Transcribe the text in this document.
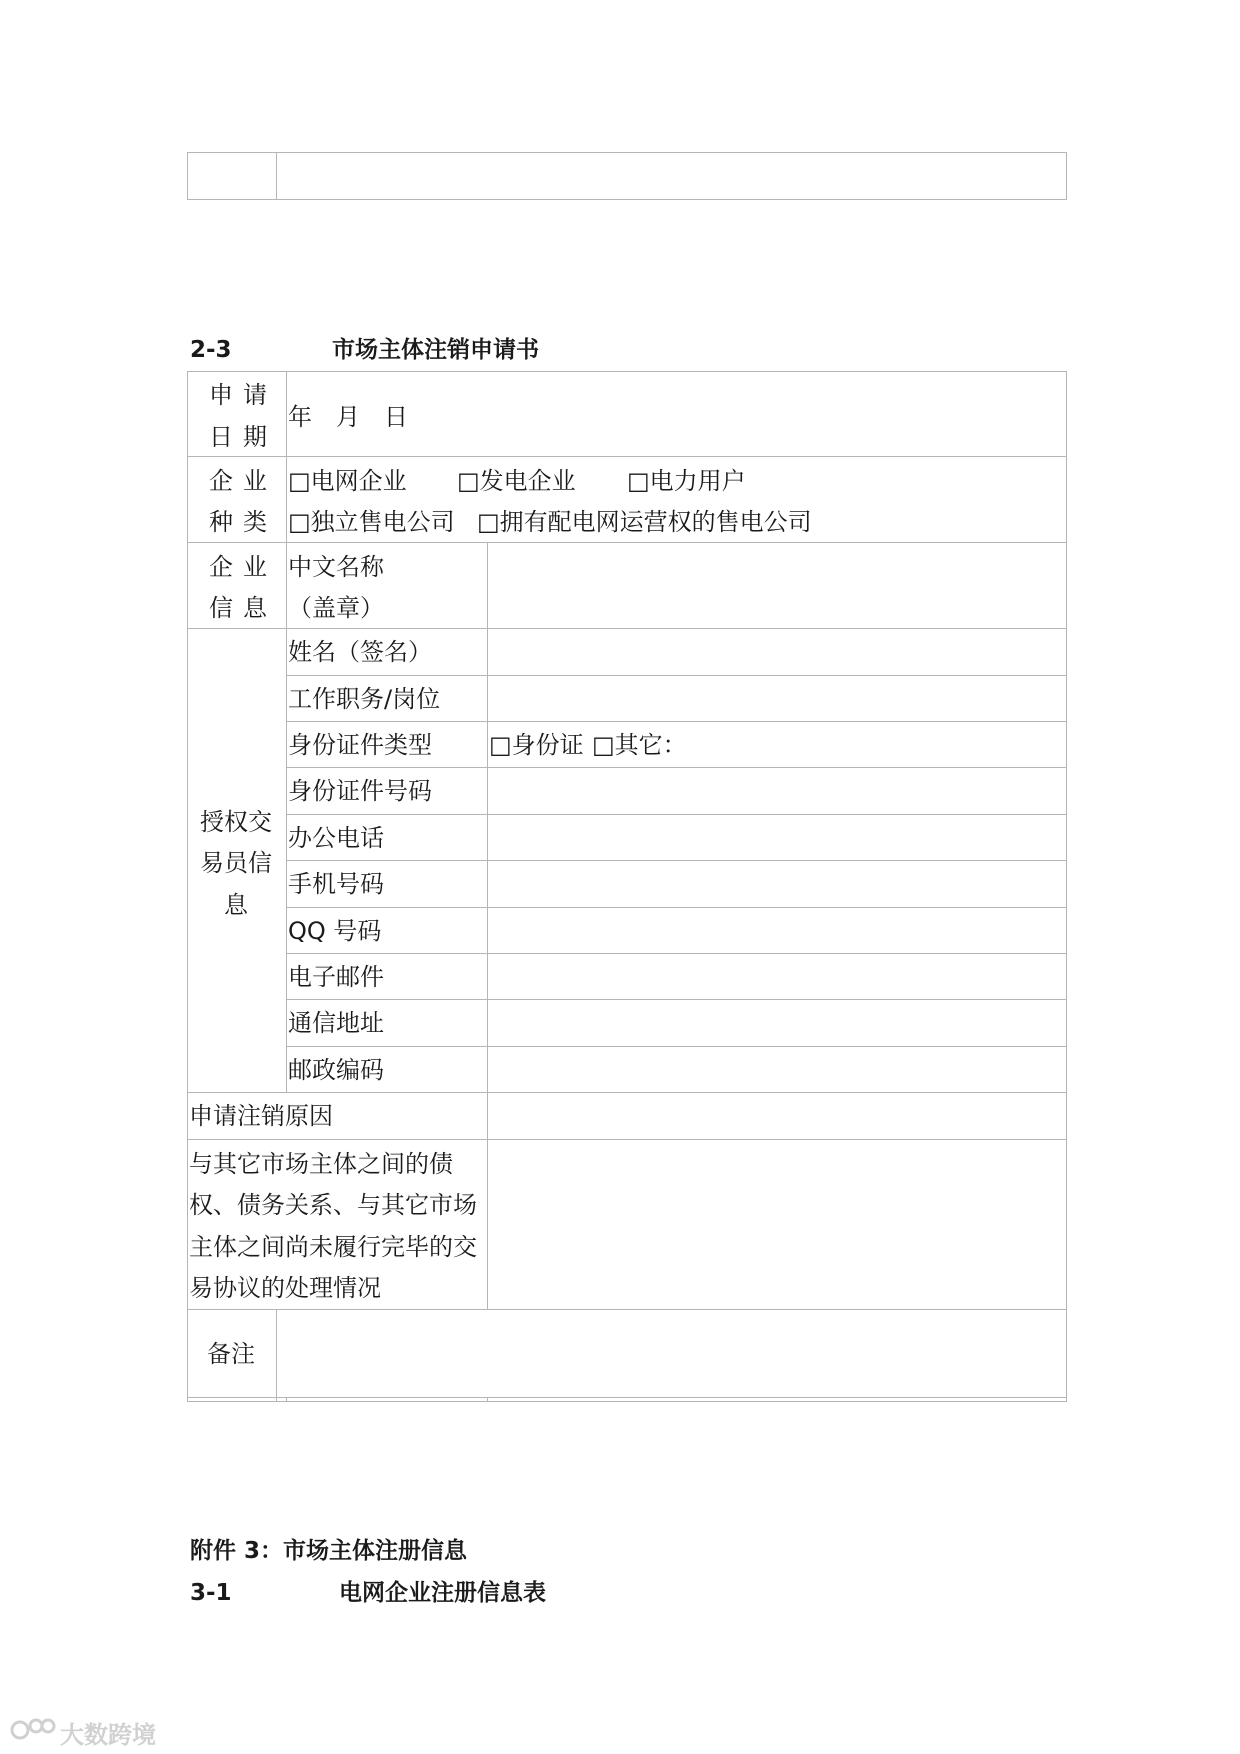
2-3	市场主体注销申请书
申请
日期
年　月　日
企业
种类
□电网企业 □发电企业 □电力用户
□独立售电公司 □拥有配电网运营权的售电公司
企业
信息
中文名称
（盖章）
授权交
易员信
息
姓名（签名）
工作职务/岗位
身份证件类型
身份证件号码
办公电话
手机号码
QQ 号码
电子邮件
通信地址
邮政编码
□身份证 □其它：
申请注销原因
与其它市场主体之间的债
权、债务关系、与其它市场
主体之间尚未履行完毕的交
易协议的处理情况
备注
附件 3：市场主体注册信息
3-1	电网企业注册信息表
大数跨境
